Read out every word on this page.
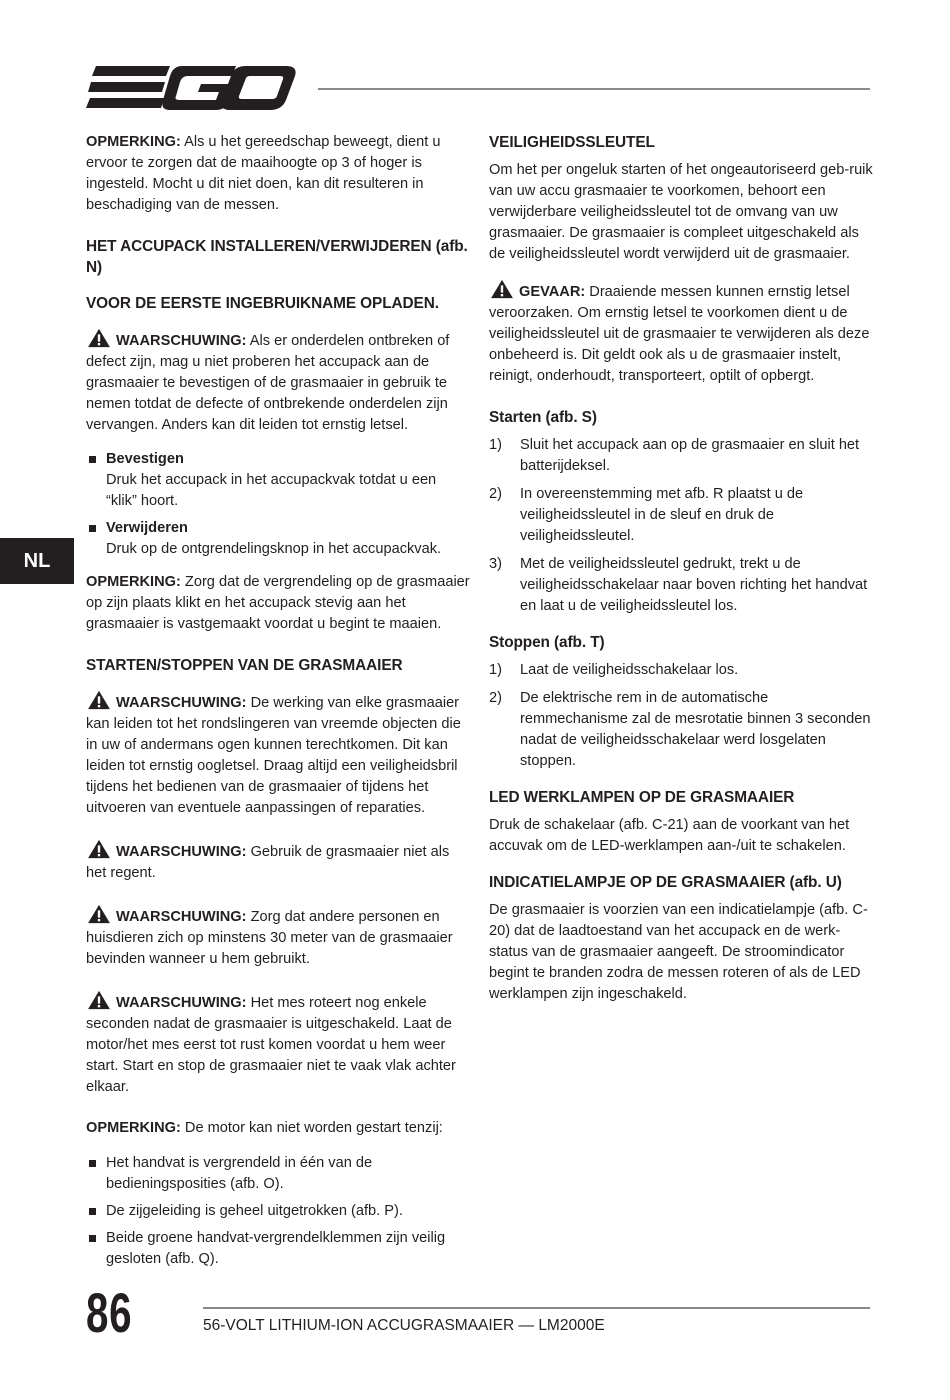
NL

OPMERKING: Als u het gereedschap beweegt, dient u ervoor te zorgen dat de maaihoogte op 3 of hoger is ingesteld. Mocht u dit niet doen, kan dit resulteren in beschadiging van de messen.

HET ACCUPACK INSTALLEREN/VERWIJDEREN (afb. N)

VOOR DE EERSTE INGEBRUIKNAME OPLADEN.

WAARSCHUWING: Als er onderdelen ontbreken of defect zijn, mag u niet proberen het accupack aan de grasmaaier te bevestigen of de grasmaaier in gebruik te nemen totdat de defecte of ontbrekende onderdelen zijn vervangen. Anders kan dit leiden tot ernstig letsel.

Bevestigen
Druk het accupack in het accupackvak totdat u een “klik” hoort.
Verwijderen
Druk op de ontgrendelingsknop in het accupackvak.

OPMERKING: Zorg dat de vergrendeling op de grasmaaier op zijn plaats klikt en het accupack stevig aan het grasmaaier is vastgemaakt voordat u begint te maaien.

STARTEN/STOPPEN VAN DE GRASMAAIER

WAARSCHUWING: De werking van elke grasmaaier kan leiden tot het rondslingeren van vreemde objecten die in uw of andermans ogen kunnen terechtkomen. Dit kan leiden tot ernstig oogletsel. Draag altijd een veiligheidsbril tijdens het bedienen van de grasmaaier of tijdens het uitvoeren van eventuele aanpassingen of reparaties.

WAARSCHUWING: Gebruik de grasmaaier niet als het regent.

WAARSCHUWING: Zorg dat andere personen en huisdieren zich op minstens 30 meter van de grasmaaier bevinden wanneer u hem gebruikt.

WAARSCHUWING: Het mes roteert nog enkele seconden nadat de grasmaaier is uitgeschakeld. Laat de motor/het mes eerst tot rust komen voordat u hem weer start. Start en stop de grasmaaier niet te vaak vlak achter elkaar.

OPMERKING: De motor kan niet worden gestart tenzij:

Het handvat is vergrendeld in één van de bedieningsposities (afb. O).
De zijgeleiding is geheel uitgetrokken (afb. P).
Beide groene handvat-vergrendelklemmen zijn veilig gesloten (afb. Q).

VEILIGHEIDSSLEUTEL

Om het per ongeluk starten of het ongeautoriseerd geb-ruik van uw accu grasmaaier te voorkomen, behoort een verwijderbare veiligheidssleutel tot de omvang van uw grasmaaier. De grasmaaier is compleet uitgeschakeld als de veiligheidssleutel wordt verwijderd uit de grasmaaier.

GEVAAR: Draaiende messen kunnen ernstig letsel veroorzaken. Om ernstig letsel te voorkomen dient u de veiligheidssleutel uit de grasmaaier te verwijderen als deze onbeheerd is. Dit geldt ook als u de grasmaaier instelt, reinigt, onderhoudt, transporteert, optilt of opbergt.

Starten (afb. S)

1) Sluit het accupack aan op de grasmaaier en sluit het batterijdeksel.
2) In overeenstemming met afb. R plaatst u de veiligheidssleutel in de sleuf en druk de veiligheidssleutel.
3) Met de veiligheidssleutel gedrukt, trekt u de veiligheidsschakelaar naar boven richting het handvat en laat u de veiligheidssleutel los.

Stoppen (afb. T)

1) Laat de veiligheidsschakelaar los.
2) De elektrische rem in de automatische remmechanisme zal de mesrotatie binnen 3 seconden nadat de veiligheidsschakelaar werd losgelaten stoppen.

LED WERKLAMPEN OP DE GRASMAAIER

Druk de schakelaar (afb. C-21) aan de voorkant van het accuvak om de LED-werklampen aan-/uit te schakelen.

INDICATIELAMPJE OP DE GRASMAAIER (afb. U)

De grasmaaier is voorzien van een indicatielampje (afb. C-20) dat de laadtoestand van het accupack en de werk-status van de grasmaaier aangeeft. De stroomindicator begint te branden zodra de messen roteren of als de LED werklampen zijn ingeschakeld.

86	56-VOLT LITHIUM-ION ACCUGRASMAAIER — LM2000E
